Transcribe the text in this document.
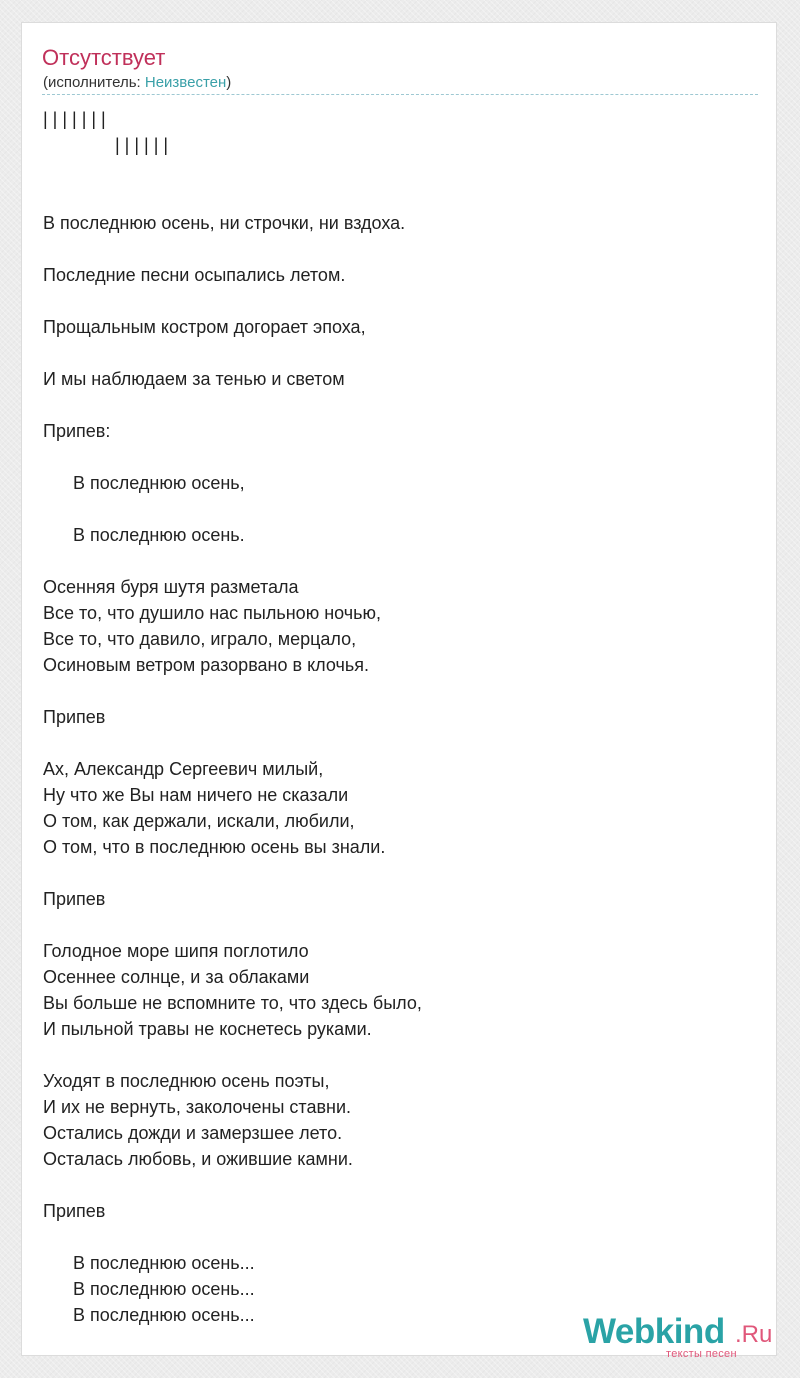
Отсутствует
(исполнитель: Неизвестен)
| | | | | | |
| | | | | |
В последнюю осень, ни строчки, ни вздоха.
Последние песни осыпались летом.
Прощальным костром догорает эпоха,
И мы наблюдаем за тенью и светом
Припев:
В последнюю осень,
В последнюю осень.
Осенняя буря шутя разметала
Все то, что душило нас пыльною ночью,
Все то, что давило, играло, мерцало,
Осиновым ветром разорвано в клочья.
Припев
Ах, Александр Сергеевич милый,
Ну что же Вы нам ничего не сказали
О том, как держали, искали, любили,
О том, что в последнюю осень вы знали.
Припев
Голодное море шипя поглотило
Осеннее солнце, и за облаками
Вы больше не вспомните то, что здесь было,
И пыльной травы не коснетесь руками.
Уходят в последнюю осень поэты,
И их не вернуть, заколочены ставни.
Остались дожди и замерзшее лето.
Осталась любовь, и ожившие камни.
Припев
В последнюю осень...
В последнюю осень...
В последнюю осень...	Webkind .Ru
тексты песен
